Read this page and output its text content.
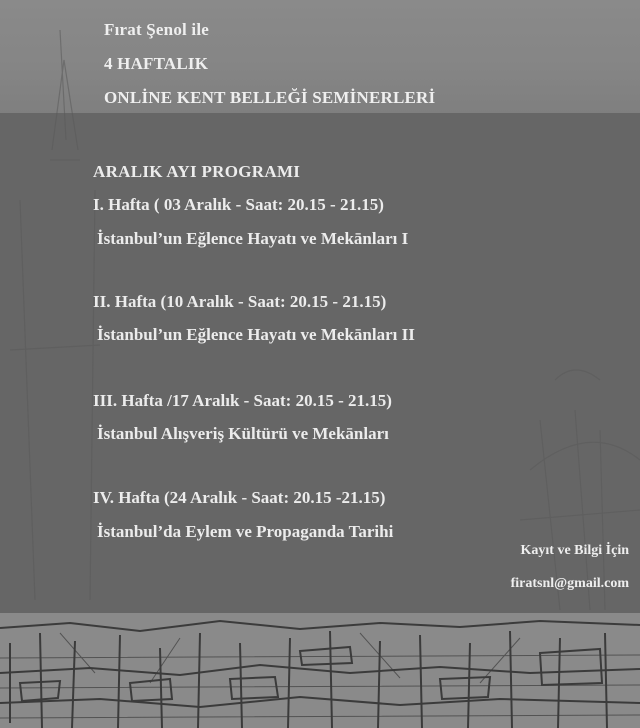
Fırat Şenol ile
4 HAFTALIK
ONLİNE KENT BELLEĞİ SEMİNERLERİ
ARALIK AYI PROGRAMI
I. Hafta ( 03 Aralık - Saat: 20.15 - 21.15)
İstanbul’un Eğlence Hayatı ve Mekānları I
II. Hafta (10 Aralık - Saat: 20.15 - 21.15)
İstanbul’un Eğlence Hayatı ve Mekānları II
III. Hafta /17 Aralık - Saat: 20.15 - 21.15)
İstanbul Alışveriş Kültürü ve Mekānları
IV. Hafta (24 Aralık - Saat: 20.15 -21.15)
İstanbul’da Eylem ve Propaganda Tarihi
Kayıt ve Bilgi İçin
firatsnl@gmail.com
